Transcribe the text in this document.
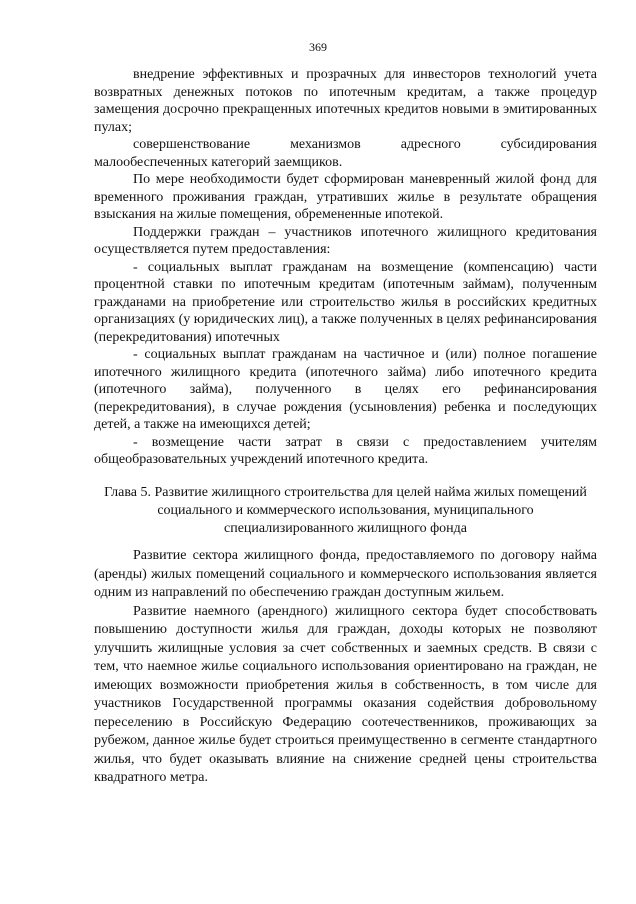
369

внедрение эффективных и прозрачных для инвесторов технологий учета возвратных денежных потоков по ипотечным кредитам, а также процедур замещения досрочно прекращенных ипотечных кредитов новыми в эмитированных пулах;

совершенствование механизмов адресного субсидирования малообеспеченных категорий заемщиков.

По мере необходимости будет сформирован маневренный жилой фонд для временного проживания граждан, утративших жилье в результате обращения взыскания на жилые помещения, обремененные ипотекой.

Поддержки граждан – участников ипотечного жилищного кредитования осуществляется путем предоставления:

- социальных выплат гражданам на возмещение (компенсацию) части процентной ставки по ипотечным кредитам (ипотечным займам), полученным гражданами на приобретение или строительство жилья в российских кредитных организациях (у юридических лиц), а также полученных в целях рефинансирования (перекредитования) ипотечных

- социальных выплат гражданам на частичное и (или) полное погашение ипотечного жилищного кредита (ипотечного займа) либо ипотечного кредита (ипотечного займа), полученного в целях его рефинансирования (перекредитования), в случае рождения (усыновления) ребенка и последующих детей, а также на имеющихся детей;

- возмещение части затрат в связи с предоставлением учителям общеобразовательных учреждений ипотечного кредита.

Глава 5. Развитие жилищного строительства для целей найма жилых помещений социального и коммерческого использования, муниципального специализированного жилищного фонда

Развитие сектора жилищного фонда, предоставляемого по договору найма (аренды) жилых помещений социального и коммерческого использования является одним из направлений по обеспечению граждан доступным жильем.

Развитие наемного (арендного) жилищного сектора будет способствовать повышению доступности жилья для граждан, доходы которых не позволяют улучшить жилищные условия за счет собственных и заемных средств. В связи с тем, что наемное жилье социального использования ориентировано на граждан, не имеющих возможности приобретения жилья в собственность, в том числе для участников Государственной программы оказания содействия добровольному переселению в Российскую Федерацию соотечественников, проживающих за рубежом, данное жилье будет строиться преимущественно в сегменте стандартного жилья, что будет оказывать влияние на снижение средней цены строительства квадратного метра.
